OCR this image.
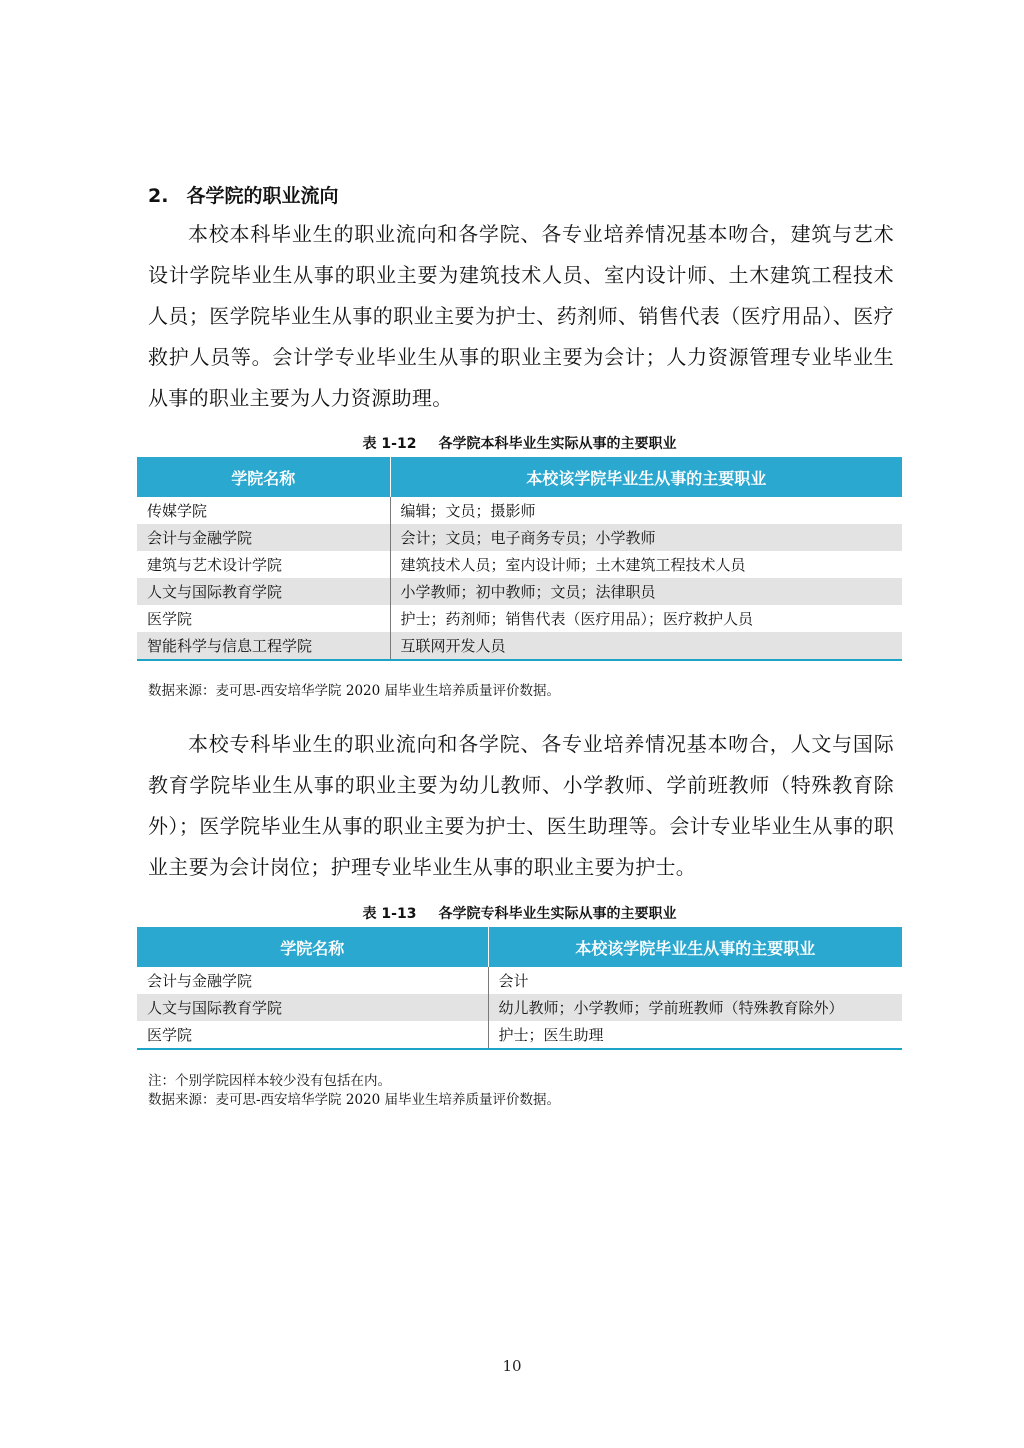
2. 各学院的职业流向

本校本科毕业生的职业流向和各学院、各专业培养情况基本吻合，建筑与艺术设计学院毕业生从事的职业主要为建筑技术人员、室内设计师、土木建筑工程技术人员；医学院毕业生从事的职业主要为护士、药剂师、销售代表（医疗用品）、医疗救护人员等。会计学专业毕业生从事的职业主要为会计；人力资源管理专业毕业生从事的职业主要为人力资源助理。

表 1-12 各学院本科毕业生实际从事的主要职业
学院名称	本校该学院毕业生从事的主要职业
传媒学院	编辑；文员；摄影师
会计与金融学院	会计；文员；电子商务专员；小学教师
建筑与艺术设计学院	建筑技术人员；室内设计师；土木建筑工程技术人员
人文与国际教育学院	小学教师；初中教师；文员；法律职员
医学院	护士；药剂师；销售代表（医疗用品）；医疗救护人员
智能科学与信息工程学院	互联网开发人员
数据来源：麦可思-西安培华学院 2020 届毕业生培养质量评价数据。

本校专科毕业生的职业流向和各学院、各专业培养情况基本吻合，人文与国际教育学院毕业生从事的职业主要为幼儿教师、小学教师、学前班教师（特殊教育除外）；医学院毕业生从事的职业主要为护士、医生助理等。会计专业毕业生从事的职业主要为会计岗位；护理专业毕业生从事的职业主要为护士。

表 1-13 各学院专科毕业生实际从事的主要职业
学院名称	本校该学院毕业生从事的主要职业
会计与金融学院	会计
人文与国际教育学院	幼儿教师；小学教师；学前班教师（特殊教育除外）
医学院	护士；医生助理
注：个别学院因样本较少没有包括在内。
数据来源：麦可思-西安培华学院 2020 届毕业生培养质量评价数据。
10
